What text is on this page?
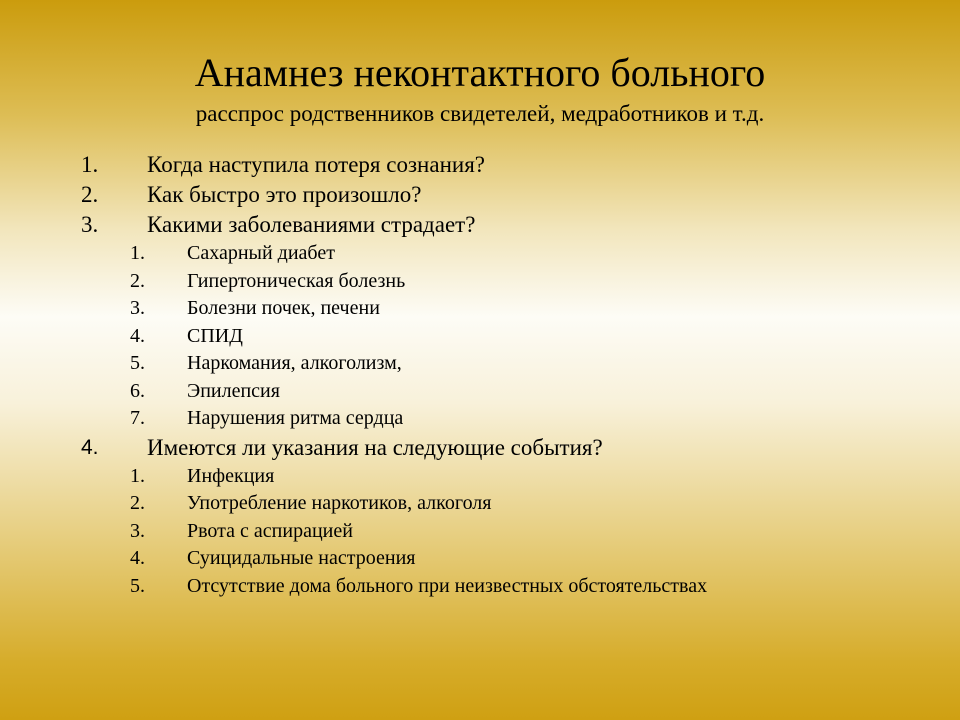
Анамнез неконтактного больного

расспрос родственников свидетелей, медработников и т.д.

1. Когда наступила потеря сознания?
2. Как быстро это произошло?
3. Какими заболеваниями страдает?
1. Сахарный диабет
2. Гипертоническая болезнь
3. Болезни почек, печени
4. СПИД
5. Наркомания, алкоголизм,
6. Эпилепсия
7. Нарушения ритма сердца
4. Имеются ли указания на следующие события?
1. Инфекция
2. Употребление наркотиков, алкоголя
3. Рвота с аспирацией
4. Суицидальные настроения
5. Отсутствие дома больного при неизвестных обстоятельствах
